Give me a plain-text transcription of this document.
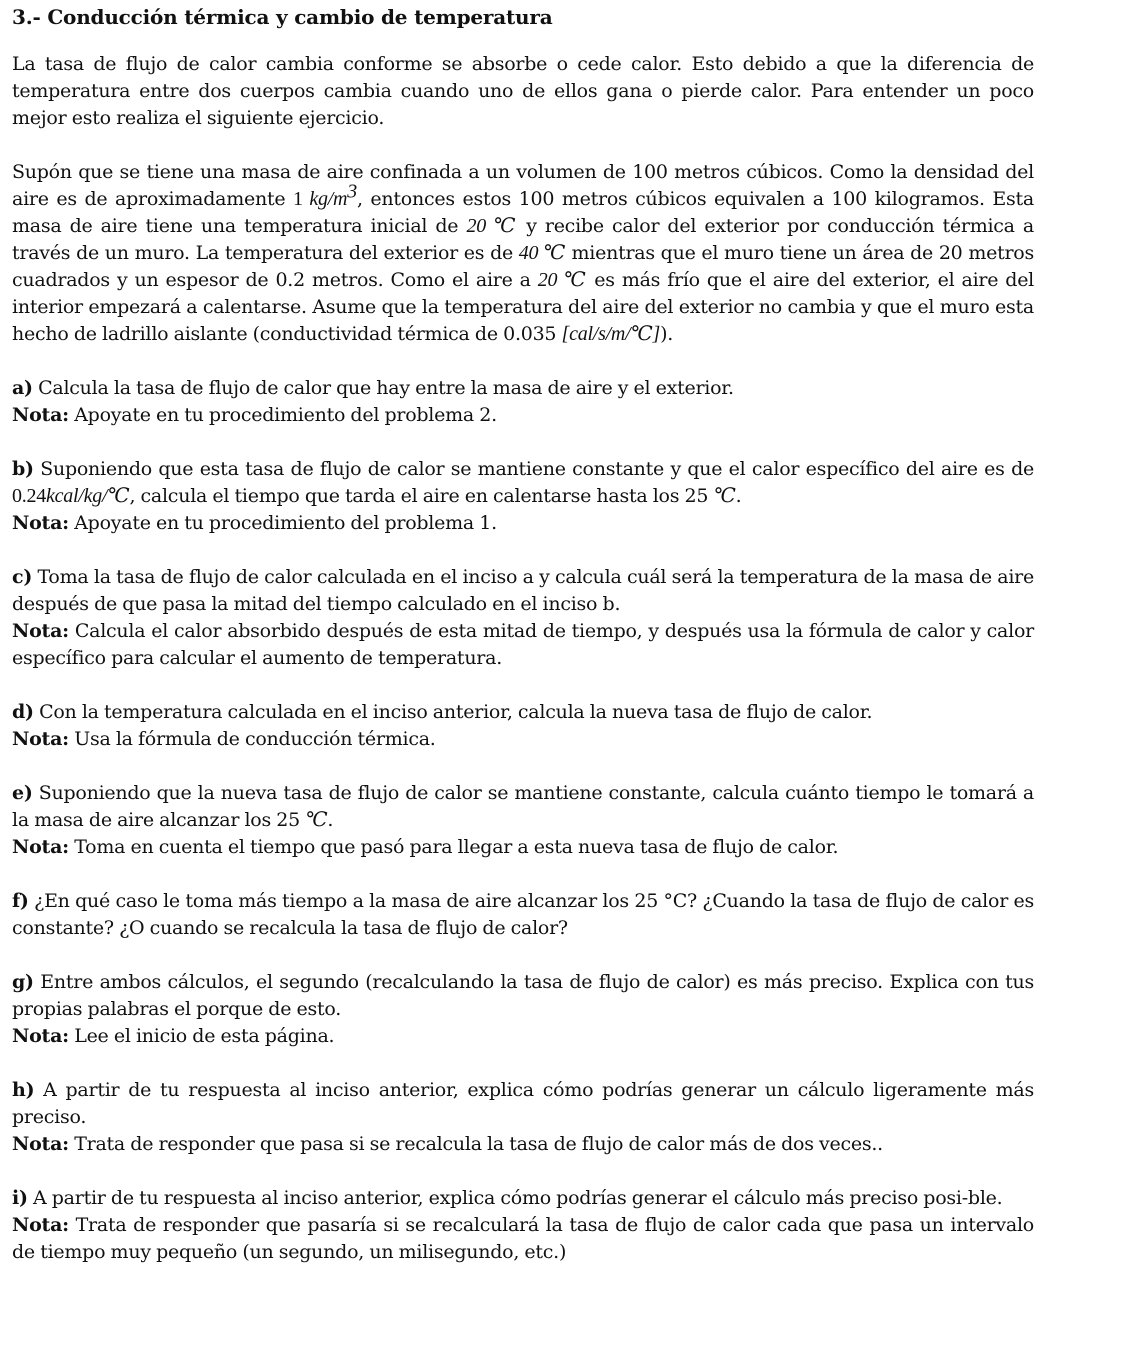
3.- Conducción térmica y cambio de temperatura

La tasa de flujo de calor cambia conforme se absorbe o cede calor. Esto debido a que la diferencia de temperatura entre dos cuerpos cambia cuando uno de ellos gana o pierde calor. Para entender un poco mejor esto realiza el siguiente ejercicio.

Supón que se tiene una masa de aire confinada a un volumen de 100 metros cúbicos. Como la densidad del aire es de aproximadamente 1 $kg/m^3$, entonces estos 100 metros cúbicos equivalen a 100 kilogramos. Esta masa de aire tiene una temperatura inicial de 20 ℃ y recibe calor del exterior por conducción térmica a través de un muro. La temperatura del exterior es de 40 ℃ mientras que el muro tiene un área de 20 metros cuadrados y un espesor de 0.2 metros. Como el aire a 20 ℃ es más frío que el aire del exterior, el aire del interior empezará a calentarse. Asume que la temperatura del aire del exterior no cambia y que el muro esta hecho de ladrillo aislante (conductividad térmica de 0.035 [cal/s/m/℃]).

a) Calcula la tasa de flujo de calor que hay entre la masa de aire y el exterior.

Nota: Apoyate en tu procedimiento del problema 2.

b) Suponiendo que esta tasa de flujo de calor se mantiene constante y que el calor específico del aire es de 0.24kcal/kg/℃, calcula el tiempo que tarda el aire en calentarse hasta los 25 ℃.

Nota: Apoyate en tu procedimiento del problema 1.

c) Toma la tasa de flujo de calor calculada en el inciso a y calcula cuál será la temperatura de la masa de aire después de que pasa la mitad del tiempo calculado en el inciso b.

Nota: Calcula el calor absorbido después de esta mitad de tiempo, y después usa la fórmula de calor y calor específico para calcular el aumento de temperatura.

d) Con la temperatura calculada en el inciso anterior, calcula la nueva tasa de flujo de calor.

Nota: Usa la fórmula de conducción térmica.

e) Suponiendo que la nueva tasa de flujo de calor se mantiene constante, calcula cuánto tiempo le tomará a la masa de aire alcanzar los 25 ℃.

Nota: Toma en cuenta el tiempo que pasó para llegar a esta nueva tasa de flujo de calor.

f) ¿En qué caso le toma más tiempo a la masa de aire alcanzar los 25 °C? ¿Cuando la tasa de flujo de calor es constante? ¿O cuando se recalcula la tasa de flujo de calor?

g) Entre ambos cálculos, el segundo (recalculando la tasa de flujo de calor) es más preciso. Explica con tus propias palabras el porque de esto.

Nota: Lee el inicio de esta página.

h) A partir de tu respuesta al inciso anterior, explica cómo podrías generar un cálculo ligeramente más preciso.

Nota: Trata de responder que pasa si se recalcula la tasa de flujo de calor más de dos veces..

i) A partir de tu respuesta al inciso anterior, explica cómo podrías generar el cálculo más preciso posi-ble.

Nota: Trata de responder que pasaría si se recalculará la tasa de flujo de calor cada que pasa un intervalo de tiempo muy pequeño (un segundo, un milisegundo, etc.)
